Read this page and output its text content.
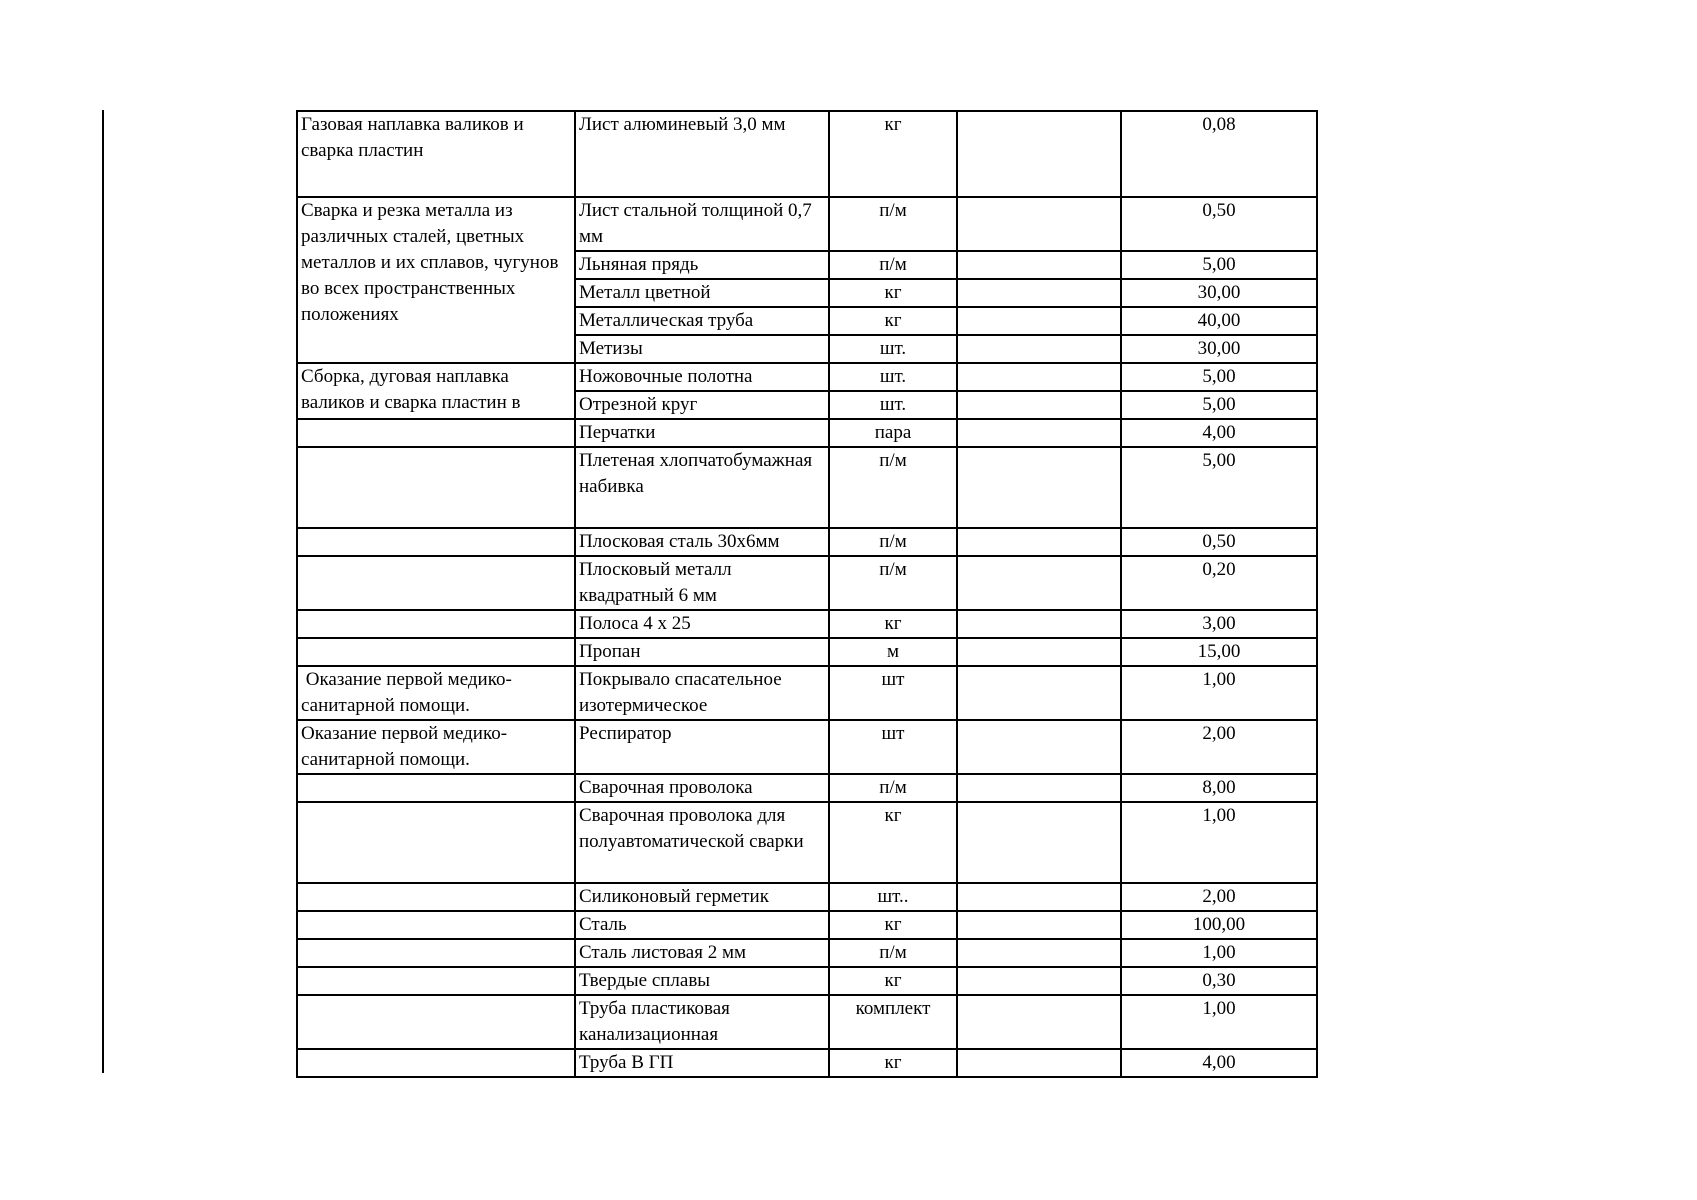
Газовая наплавка валиков и сварка пластин	Лист алюминевый 3,0 мм	кг		0,08

Сварка и резка металла из различных сталей, цветных металлов и их сплавов, чугунов во всех пространственных положениях	Лист стальной толщиной 0,7 мм	п/м		0,50
	Льняная прядь	п/м		5,00
	Металл цветной	кг		30,00
	Металлическая труба	кг		40,00
	Метизы	шт.		30,00

Сборка, дуговая наплавка валиков и сварка пластин в	Ножовочные полотна	шт.		5,00
	Отрезной круг	шт.		5,00
	Перчатки	пара		4,00
	Плетеная хлопчатобумажная набивка	п/м		5,00
	Плосковая сталь 30х6мм	п/м		0,50
	Плосковый металл квадратный 6 мм	п/м		0,20
	Полоса 4 х 25	кг		3,00
	Пропан	м		15,00
Оказание первой медико-санитарной помощи.	Покрывало спасательное изотермическое	шт		1,00
Оказание первой медико-санитарной помощи.	Респиратор	шт		2,00
	Сварочная проволока	п/м		8,00
	Сварочная проволока для полуавтоматической сварки	кг		1,00
	Силиконовый герметик	шт..		2,00
	Сталь	кг		100,00
	Сталь листовая 2 мм	п/м		1,00
	Твердые сплавы	кг		0,30
	Труба пластиковая канализационная	комплект		1,00
	Труба В ГП	кг		4,00
